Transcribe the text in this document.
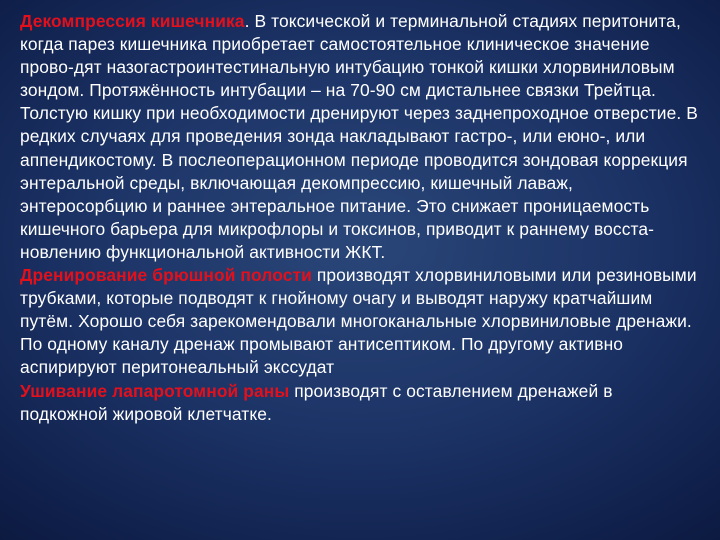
Декомпрессия кишечника. В токсической и терминальной стадиях перитонита, когда парез кишечника приобретает самостоятельное клиническое значение прово-дят назогастроинтестинальную интубацию тонкой кишки хлорвиниловым зондом. Протяжённость интубации – на 70-90 см дистальнее связки Трейтца. Толстую кишку при необходимости дренируют через заднепроходное отверстие. В редких случаях для проведения зонда накладывают гастро-, или еюно-, или аппендикостому. В послеоперационном периоде проводится зондовая коррекция энтеральной среды, включающая декомпрессию, кишечный лаваж, энтеросорбцию и раннее энтеральное питание. Это снижает проницаемость кишечного барьера для микрофлоры и токсинов, приводит к раннему восста-новлению функциональной активности ЖКТ.

Дренирование брюшной полости производят хлорвиниловыми или резиновыми трубками, которые подводят к гнойному очагу и выводят наружу кратчайшим путём. Хорошо себя зарекомендовали многоканальные хлорвиниловые дренажи. По одному каналу дренаж промывают антисептиком. По другому активно аспирируют перитонеальный экссудат

Ушивание лапаротомной раны производят с оставлением дренажей в подкожной жировой клетчатке.
